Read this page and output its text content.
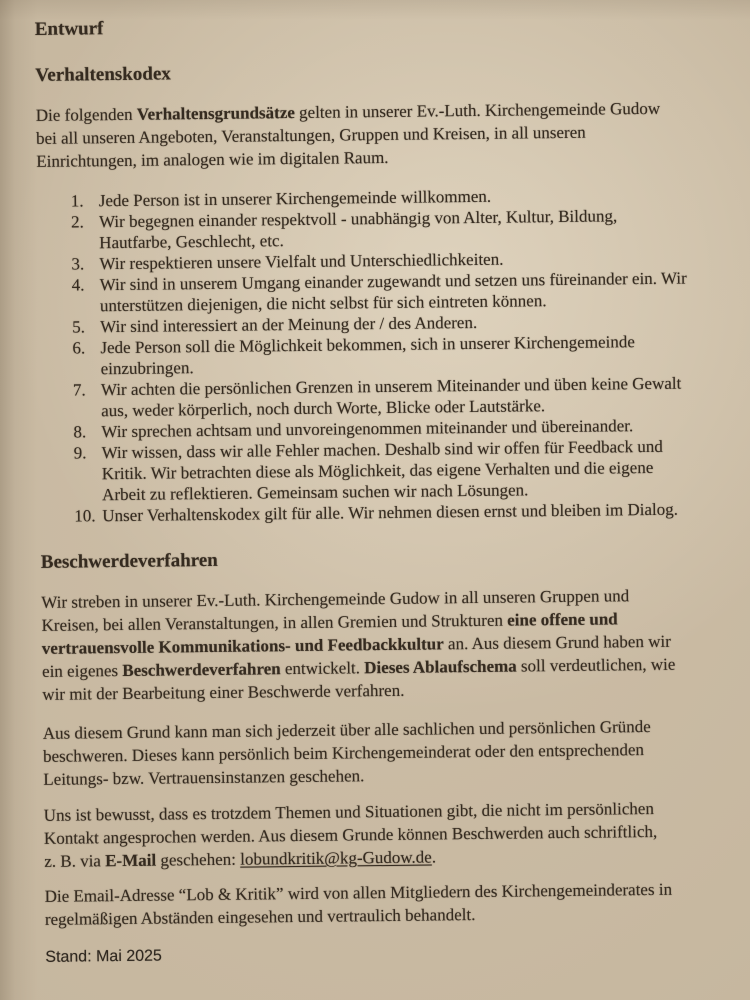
Entwurf
Verhaltenskodex
Die folgenden Verhaltensgrundsätze gelten in unserer Ev.-Luth. Kirchengemeinde Gudow
bei all unseren Angeboten, Veranstaltungen, Gruppen und Kreisen, in all unseren
Einrichtungen, im analogen wie im digitalen Raum.
1. Jede Person ist in unserer Kirchengemeinde willkommen.
2. Wir begegnen einander respektvoll - unabhängig von Alter, Kultur, Bildung,
Hautfarbe, Geschlecht, etc.
3. Wir respektieren unsere Vielfalt und Unterschiedlichkeiten.
4. Wir sind in unserem Umgang einander zugewandt und setzen uns füreinander ein. Wir
unterstützen diejenigen, die nicht selbst für sich eintreten können.
5. Wir sind interessiert an der Meinung der / des Anderen.
6. Jede Person soll die Möglichkeit bekommen, sich in unserer Kirchengemeinde
einzubringen.
7. Wir achten die persönlichen Grenzen in unserem Miteinander und üben keine Gewalt
aus, weder körperlich, noch durch Worte, Blicke oder Lautstärke.
8. Wir sprechen achtsam und unvoreingenommen miteinander und übereinander.
9. Wir wissen, dass wir alle Fehler machen. Deshalb sind wir offen für Feedback und
Kritik. Wir betrachten diese als Möglichkeit, das eigene Verhalten und die eigene
Arbeit zu reflektieren. Gemeinsam suchen wir nach Lösungen.
10. Unser Verhaltenskodex gilt für alle. Wir nehmen diesen ernst und bleiben im Dialog.
Beschwerdeverfahren
Wir streben in unserer Ev.-Luth. Kirchengemeinde Gudow in all unseren Gruppen und
Kreisen, bei allen Veranstaltungen, in allen Gremien und Strukturen eine offene und
vertrauensvolle Kommunikations- und Feedbackkultur an. Aus diesem Grund haben wir
ein eigenes Beschwerdeverfahren entwickelt. Dieses Ablaufschema soll verdeutlichen, wie
wir mit der Bearbeitung einer Beschwerde verfahren.
Aus diesem Grund kann man sich jederzeit über alle sachlichen und persönlichen Gründe
beschweren. Dieses kann persönlich beim Kirchengemeinderat oder den entsprechenden
Leitungs- bzw. Vertrauensinstanzen geschehen.
Uns ist bewusst, dass es trotzdem Themen und Situationen gibt, die nicht im persönlichen
Kontakt angesprochen werden. Aus diesem Grunde können Beschwerden auch schriftlich,
z. B. via E-Mail geschehen: lobundkritik@kg-Gudow.de.
Die Email-Adresse “Lob & Kritik” wird von allen Mitgliedern des Kirchengemeinderates in
regelmäßigen Abständen eingesehen und vertraulich behandelt.
Stand: Mai 2025
